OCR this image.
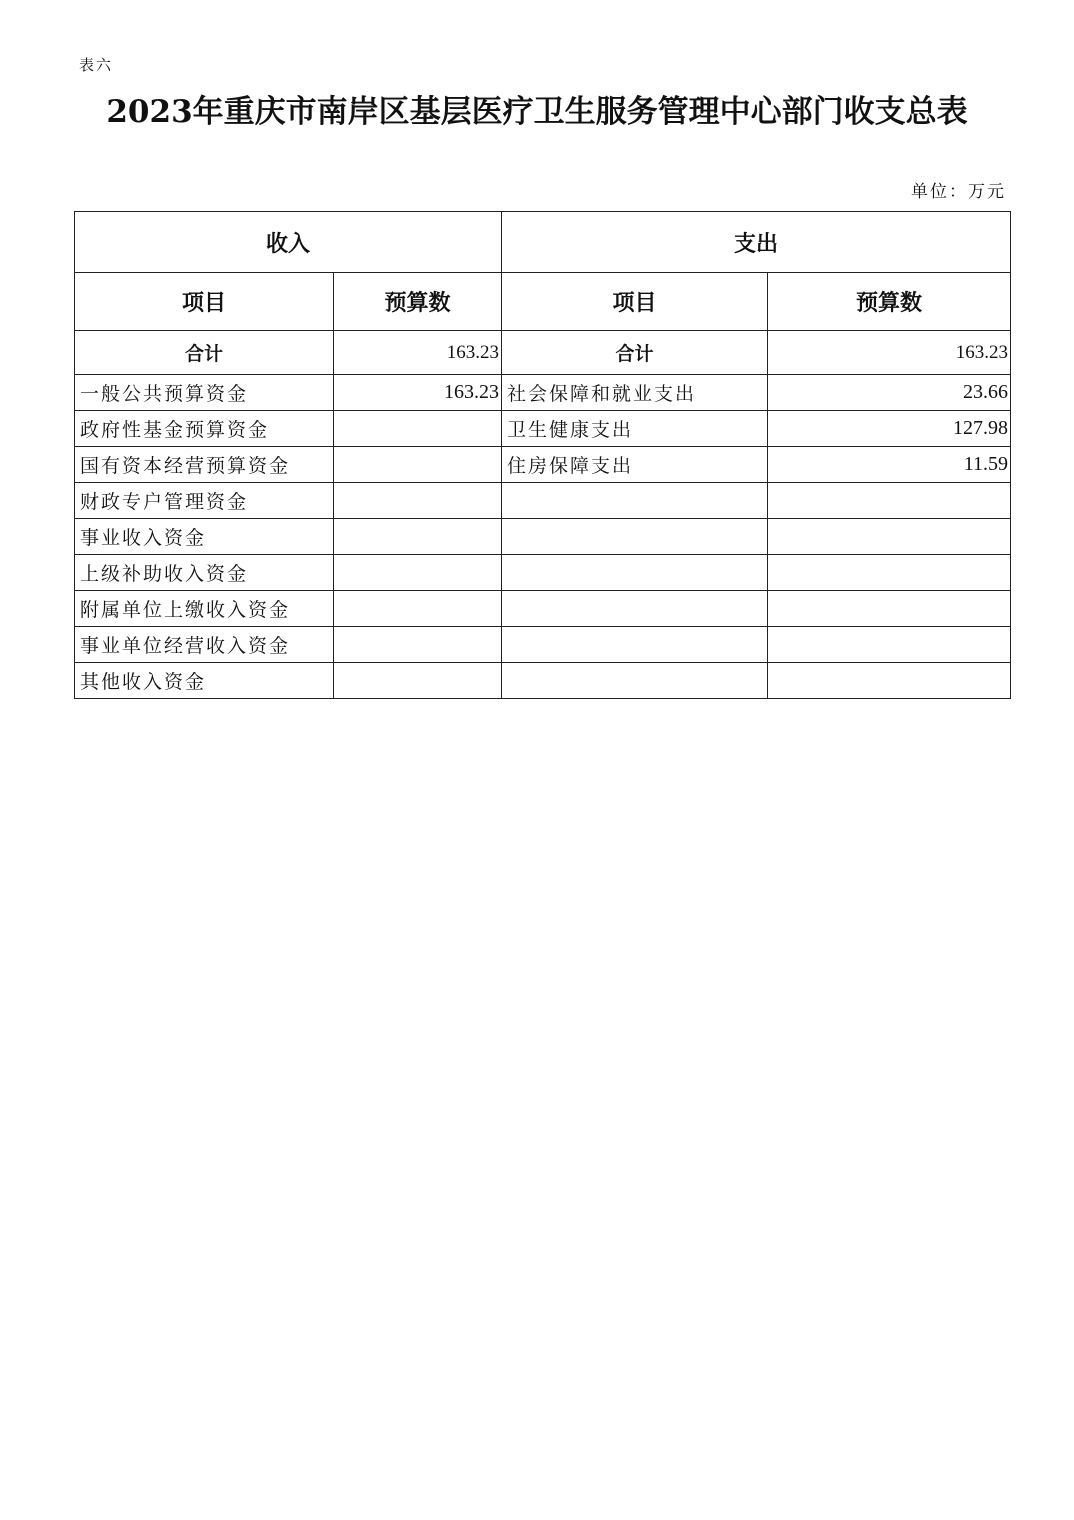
表六
2023年重庆市南岸区基层医疗卫生服务管理中心部门收支总表
单位：万元
收入		支出	
项目	预算数	项目	预算数
合计	163.23	合计	163.23
一般公共预算资金	163.23	社会保障和就业支出	23.66
政府性基金预算资金		卫生健康支出	127.98
国有资本经营预算资金		住房保障支出	11.59
财政专户管理资金			
事业收入资金			
上级补助收入资金			
附属单位上缴收入资金			
事业单位经营收入资金			
其他收入资金			
